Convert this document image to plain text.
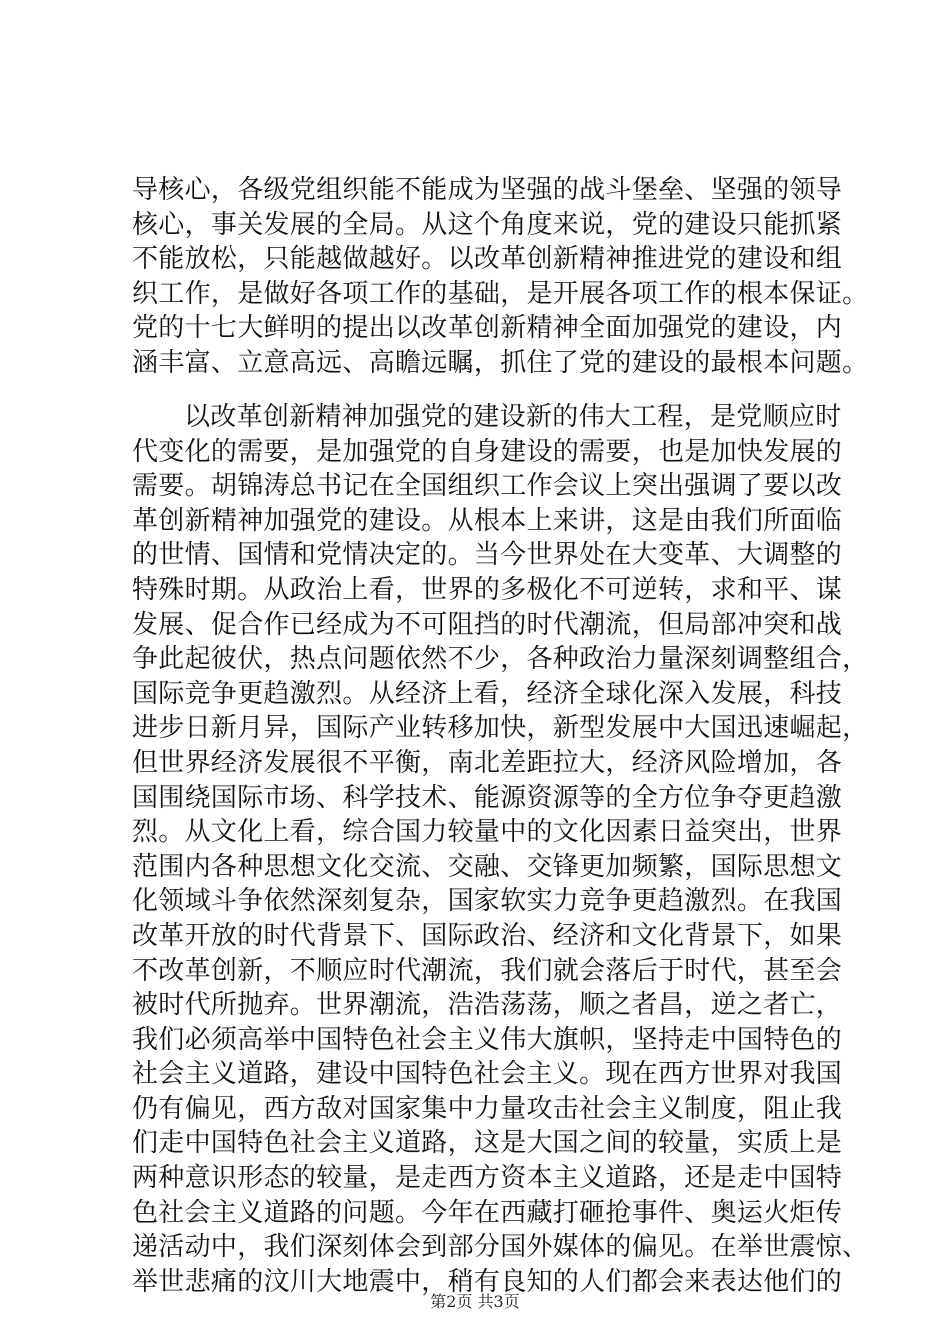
导核心，各级党组织能不能成为坚强的战斗堡垒、坚强的领导
核心，事关发展的全局。从这个角度来说，党的建设只能抓紧
不能放松，只能越做越好。以改革创新精神推进党的建设和组
织工作，是做好各项工作的基础，是开展各项工作的根本保证。
党的十七大鲜明的提出以改革创新精神全面加强党的建设，内
涵丰富、立意高远、高瞻远瞩，抓住了党的建设的最根本问题。
以改革创新精神加强党的建设新的伟大工程，是党顺应时
代变化的需要，是加强党的自身建设的需要，也是加快发展的
需要。胡锦涛总书记在全国组织工作会议上突出强调了要以改
革创新精神加强党的建设。从根本上来讲，这是由我们所面临
的世情、国情和党情决定的。当今世界处在大变革、大调整的
特殊时期。从政治上看，世界的多极化不可逆转，求和平、谋
发展、促合作已经成为不可阻挡的时代潮流，但局部冲突和战
争此起彼伏，热点问题依然不少，各种政治力量深刻调整组合，
国际竞争更趋激烈。从经济上看，经济全球化深入发展，科技
进步日新月异，国际产业转移加快，新型发展中大国迅速崛起，
但世界经济发展很不平衡，南北差距拉大，经济风险增加，各
国围绕国际市场、科学技术、能源资源等的全方位争夺更趋激
烈。从文化上看，综合国力较量中的文化因素日益突出，世界
范围内各种思想文化交流、交融、交锋更加频繁，国际思想文
化领域斗争依然深刻复杂，国家软实力竞争更趋激烈。在我国
改革开放的时代背景下、国际政治、经济和文化背景下，如果
不改革创新，不顺应时代潮流，我们就会落后于时代，甚至会
被时代所抛弃。世界潮流，浩浩荡荡，顺之者昌，逆之者亡，
我们必须高举中国特色社会主义伟大旗帜，坚持走中国特色的
社会主义道路，建设中国特色社会主义。现在西方世界对我国
仍有偏见，西方敌对国家集中力量攻击社会主义制度，阻止我
们走中国特色社会主义道路，这是大国之间的较量，实质上是
两种意识形态的较量，是走西方资本主义道路，还是走中国特
色社会主义道路的问题。今年在西藏打砸抢事件、奥运火炬传
递活动中，我们深刻体会到部分国外媒体的偏见。在举世震惊、
举世悲痛的汶川大地震中，稍有良知的人们都会来表达他们的
第2页 共3页
